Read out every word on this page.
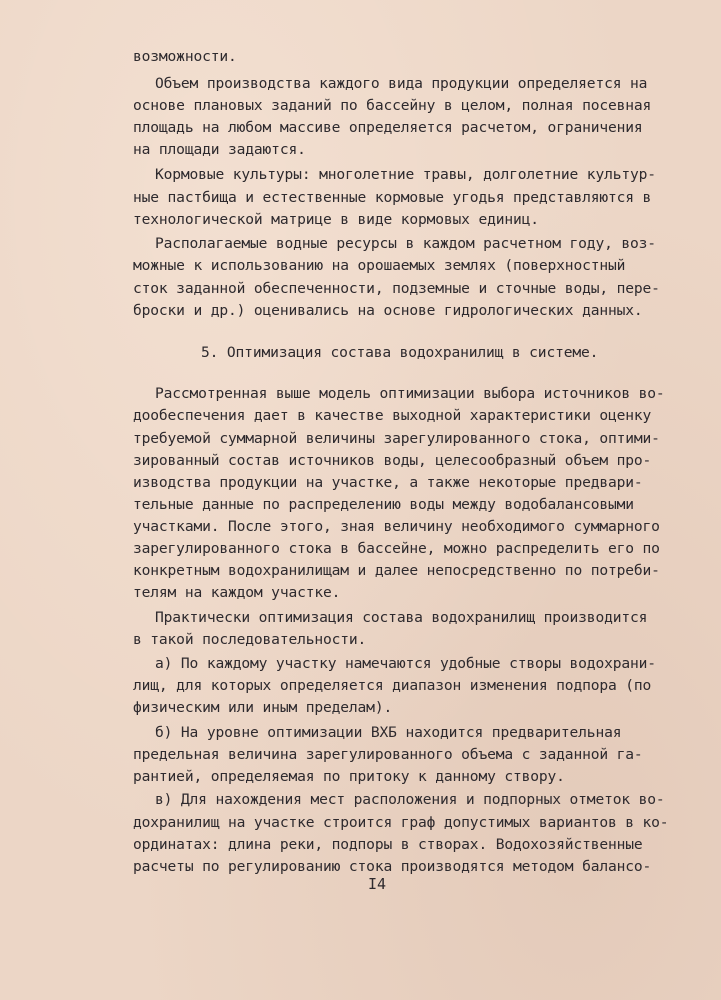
возможности.
Объем производства каждого вида продукции определяется на
основе плановых заданий по бассейну в целом, полная посевная
площадь на любом массиве определяется расчетом, ограничения
на площади задаются.
Кормовые культуры: многолетние травы, долголетние культур-
ные пастбища и естественные кормовые угодья представляются в
технологической матрице в виде кормовых единиц.
Располагаемые водные ресурсы в каждом расчетном году, воз-
можные к использованию на орошаемых землях (поверхностный
сток заданной обеспеченности, подземные и сточные воды, пере-
броски и др.) оценивались на основе гидрологических данных.
5. Оптимизация состава водохранилищ в системе.
Рассмотренная выше модель оптимизации выбора источников во-
дообеспечения дает в качестве выходной характеристики оценку
требуемой суммарной величины зарегулированного стока, оптими-
зированный состав источников воды, целесообразный объем про-
изводства продукции на участке, а также некоторые предвари-
тельные данные по распределению воды между водобалансовыми
участками. После этого, зная величину необходимого суммарного
зарегулированного стока в бассейне, можно распределить его по
конкретным водохранилищам и далее непосредственно по потреби-
телям на каждом участке.
Практически оптимизация состава водохранилищ производится
в такой последовательности.
а) По каждому участку намечаются удобные створы водохрани-
лищ, для которых определяется диапазон изменения подпора (по
физическим или иным пределам).
б) На уровне оптимизации ВХБ находится предварительная
предельная величина зарегулированного объема с заданной га-
рантией, определяемая по притоку к данному створу.
в) Для нахождения мест расположения и подпорных отметок во-
дохранилищ на участке строится граф допустимых вариантов в ко-
ординатах: длина реки, подпоры в створах. Водохозяйственные
расчеты по регулированию стока производятся методом балансо-
I4
